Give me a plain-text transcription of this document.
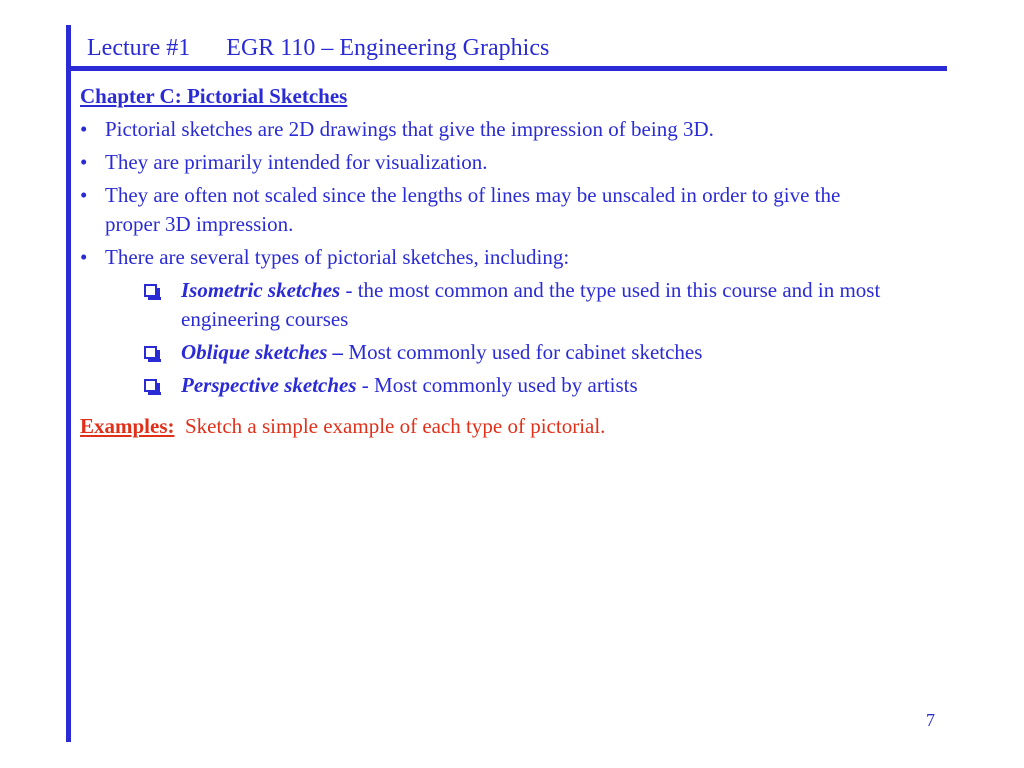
Lecture #1 EGR 110 – Engineering Graphics
Chapter C: Pictorial Sketches
• Pictorial sketches are 2D drawings that give the impression of being 3D.
• They are primarily intended for visualization.
• They are often not scaled since the lengths of lines may be unscaled in order to give the proper 3D impression.
• There are several types of pictorial sketches, including:
Isometric sketches - the most common and the type used in this course and in most engineering courses
Oblique sketches – Most commonly used for cabinet sketches
Perspective sketches - Most commonly used by artists
Examples: Sketch a simple example of each type of pictorial.
7
